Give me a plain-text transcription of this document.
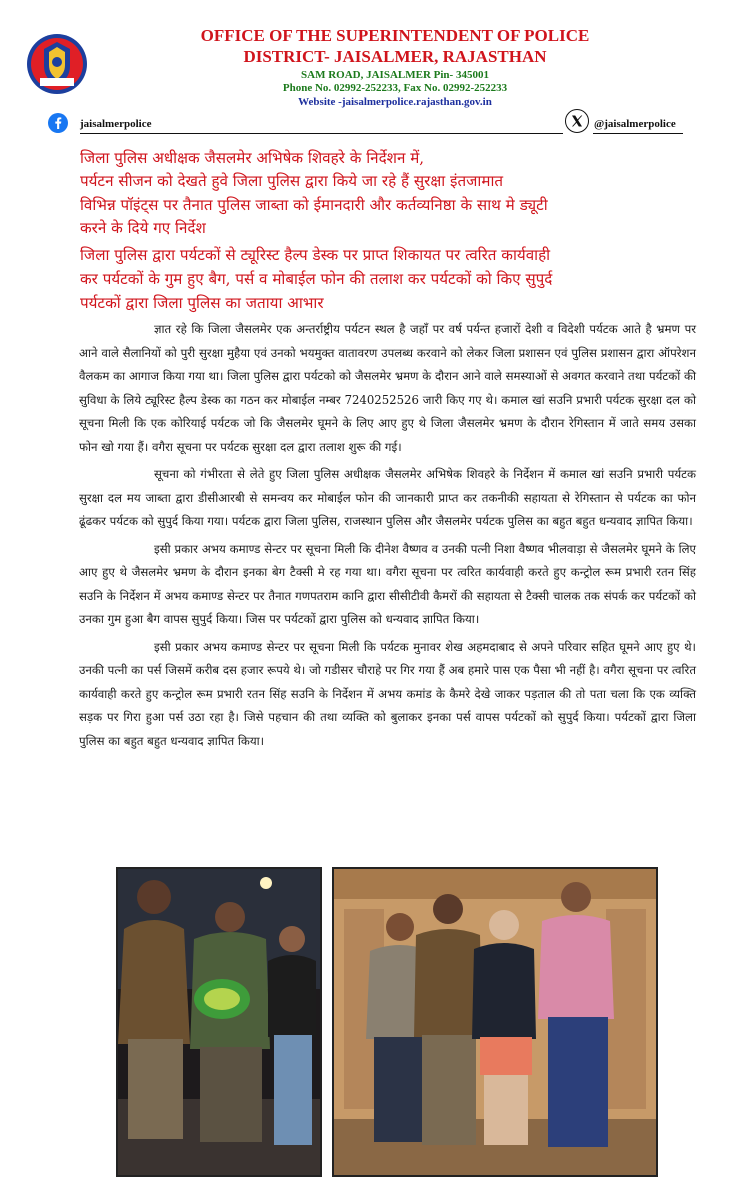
OFFICE OF THE SUPERINTENDENT OF POLICE
DISTRICT- JAISALMER, RAJASTHAN
SAM ROAD, JAISALMER Pin- 345001
Phone No. 02992-252233, Fax No. 02992-252233
Website -jaisalmerpolice.rajasthan.gov.in
jaisalmerpolice	@jaisalmerpolice
जिला पुलिस अधीक्षक जैसलमेर अभिषेक शिवहरे के निर्देशन में,
पर्यटन सीजन को देखते हुवे जिला पुलिस द्वारा किये जा रहे हैं सुरक्षा इंतजामात
विभिन्न पॉइंट्स पर तैनात पुलिस जाब्ता को ईमानदारी और कर्तव्यनिष्ठा के साथ मे ड्यूटी
करने के दिये गए निर्देश
जिला पुलिस द्वारा पर्यटकों से ट्यूरिस्ट हैल्प डेस्क पर प्राप्त शिकायत पर त्वरित कार्यवाही
कर पर्यटकों के गुम हुए बैग, पर्स व मोबाईल फोन की तलाश कर पर्यटकों को किए सुपुर्द
पर्यटकों द्वारा जिला पुलिस का जताया आभार

ज्ञात रहे कि जिला जैसलमेर एक अन्तर्राष्ट्रीय पर्यटन स्थल है जहाँ पर वर्ष पर्यन्त हजारों देशी व विदेशी पर्यटक आते है भ्रमण पर आने वाले सैलानियों को पुरी सुरक्षा मुहैया एवं उनको भयमुक्त वातावरण उपलब्ध करवाने को लेकर जिला प्रशासन एवं पुलिस प्रशासन द्वारा ऑपरेशन वैलकम का आगाज किया गया था। जिला पुलिस द्वारा पर्यटको को जैसलमेर भ्रमण के दौरान आने वाले समस्याओं से अवगत करवाने तथा पर्यटकों की सुविधा के लिये ट्यूरिस्ट हैल्प डेस्क का गठन कर मोबाईल नम्बर 7240252526 जारी किए गए थे। कमाल खां सउनि प्रभारी पर्यटक सुरक्षा दल को सूचना मिली कि एक कोरियाई पर्यटक जो कि जैसलमेर घूमने के लिए आए हुए थे जिला जैसलमेर भ्रमण के दौरान रेगिस्तान में जाते समय उसका फोन खो गया हैं। वगैरा सूचना पर पर्यटक सुरक्षा दल द्वारा तलाश शुरू की गई।

सूचना को गंभीरता से लेते हुए जिला पुलिस अधीक्षक जैसलमेर अभिषेक शिवहरे के निर्देशन में कमाल खां सउनि प्रभारी पर्यटक सुरक्षा दल मय जाब्ता द्वारा डीसीआरबी से समन्वय कर मोबाईल फोन की जानकारी प्राप्त कर तकनीकी सहायता से रेगिस्तान से पर्यटक का फोन ढूंढकर पर्यटक को सुपुर्द किया गया। पर्यटक द्वारा जिला पुलिस, राजस्थान पुलिस और जैसलमेर पर्यटक पुलिस का बहुत बहुत धन्यवाद ज्ञापित किया।

इसी प्रकार अभय कमाण्ड सेन्टर पर सूचना मिली कि दीनेश वैष्णव व उनकी पत्नी निशा वैष्णव भीलवाड़ा से जैसलमेर घूमने के लिए आए हुए थे जैसलमेर भ्रमण के दौरान इनका बेग टैक्सी मे रह गया था। वगैरा सूचना पर त्वरित कार्यवाही करते हुए कन्ट्रोल रूम प्रभारी रतन सिंह सउनि के निर्देशन में अभय कमाण्ड सेन्टर पर तैनात गणपतराम कानि द्वारा सीसीटीवी कैमरों की सहायता से टैक्सी चालक तक संपर्क कर पर्यटकों को उनका गुम हुआ बैग वापस सुपुर्द किया। जिस पर पर्यटकों द्वारा पुलिस को धन्यवाद ज्ञापित किया।

इसी प्रकार अभय कमाण्ड सेन्टर पर सूचना मिली कि पर्यटक मुनावर शेख अहमदाबाद से अपने परिवार सहित घूमने आए हुए थे। उनकी पत्नी का पर्स जिसमें करीब दस हजार रूपये थे। जो गडीसर चौराहे पर गिर गया हैं अब हमारे पास एक पैसा भी नहीं है। वगैरा सूचना पर त्वरित कार्यवाही करते हुए कन्ट्रोल रूम प्रभारी रतन सिंह सउनि के निर्देशन में अभय कमांड के कैमरे देखे जाकर पड़ताल की तो पता चला कि एक व्यक्ति सड़क पर गिरा हुआ पर्स उठा रहा है। जिसे पहचान की तथा व्यक्ति को बुलाकर इनका पर्स वापस पर्यटकों को सुपुर्द किया। पर्यटकों द्वारा जिला पुलिस का बहुत बहुत धन्यवाद ज्ञापित किया।
